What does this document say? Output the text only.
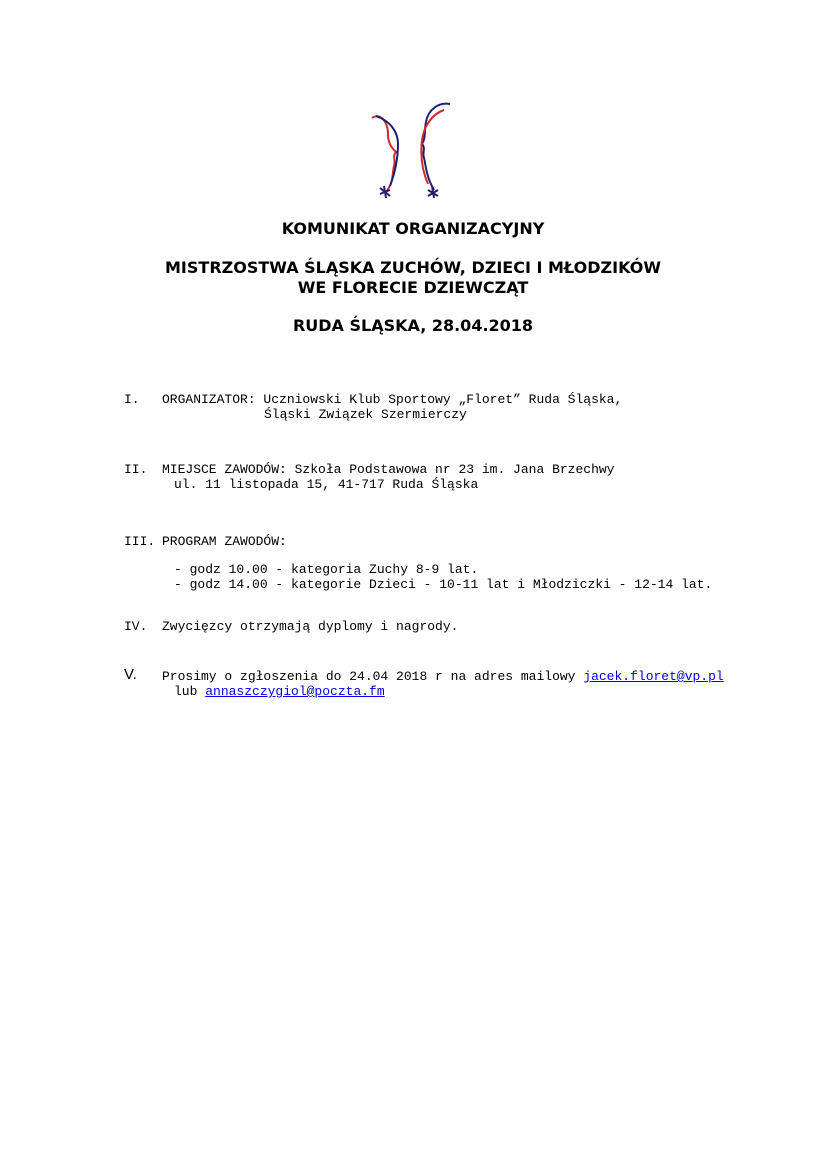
KOMUNIKAT ORGANIZACYJNY
MISTRZOSTWA ŚLĄSKA ZUCHÓW, DZIECI I MŁODZIKÓW
WE FLORECIE DZIEWCZĄT
RUDA ŚLĄSKA, 28.04.2018
I. ORGANIZATOR: Uczniowski Klub Sportowy „Floret” Ruda Śląska,
Śląski Związek Szermierczy
II. MIEJSCE ZAWODÓW: Szkoła Podstawowa nr 23 im. Jana Brzechwy
ul. 11 listopada 15, 41-717 Ruda Śląska
III. PROGRAM ZAWODÓW:
- godz 10.00 - kategoria Zuchy 8-9 lat.
- godz 14.00 - kategorie Dzieci - 10-11 lat i Młodziczki - 12-14 lat.
IV. Zwycięzcy otrzymają dyplomy i nagrody.
V. Prosimy o zgłoszenia do 24.04 2018 r na adres mailowy jacek.floret@vp.pl
lub annaszczygiol@poczta.fm
